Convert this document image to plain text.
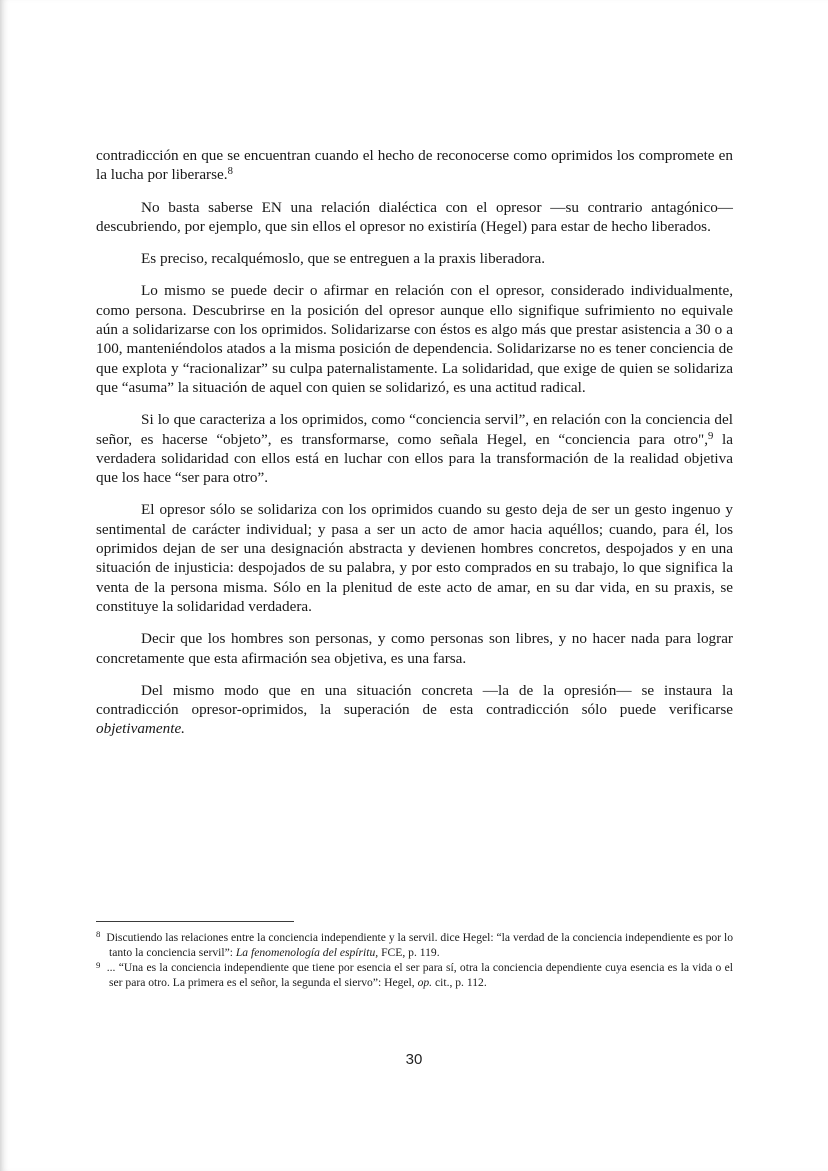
contradicción en que se encuentran cuando el hecho de reconocerse como oprimidos los compromete en la lucha por liberarse.$^8$

No basta saberse EN una relación dialéctica con el opresor —su contrario antagónico— descubriendo, por ejemplo, que sin ellos el opresor no existiría (Hegel) para estar de hecho liberados.

Es preciso, recalquémoslo, que se entreguen a la praxis liberadora.

Lo mismo se puede decir o afirmar en relación con el opresor, considerado individualmente, como persona. Descubrirse en la posición del opresor aunque ello signifique sufrimiento no equivale aún a solidarizarse con los oprimidos. Solidarizarse con éstos es algo más que prestar asistencia a 30 o a 100, manteniéndolos atados a la misma posición de dependencia. Solidarizarse no es tener conciencia de que explota y “racionalizar” su culpa paternalistamente. La solidaridad, que exige de quien se solidariza que “asuma” la situación de aquel con quien se solidarizó, es una actitud radical.

Si lo que caracteriza a los oprimidos, como “conciencia servil”, en relación con la conciencia del señor, es hacerse “objeto”, es transformarse, como señala Hegel, en “conciencia para otro",$^9$ la verdadera solidaridad con ellos está en luchar con ellos para la transformación de la realidad objetiva que los hace “ser para otro”.

El opresor sólo se solidariza con los oprimidos cuando su gesto deja de ser un gesto ingenuo y sentimental de carácter individual; y pasa a ser un acto de amor hacia aquéllos; cuando, para él, los oprimidos dejan de ser una designación abstracta y devienen hombres concretos, despojados y en una situación de injusticia: despojados de su palabra, y por esto comprados en su trabajo, lo que significa la venta de la persona misma. Sólo en la plenitud de este acto de amar, en su dar vida, en su praxis, se constituye la solidaridad verdadera.

Decir que los hombres son personas, y como personas son libres, y no hacer nada para lograr concretamente que esta afirmación sea objetiva, es una farsa.

Del mismo modo que en una situación concreta —la de la opresión— se instaura la contradicción opresor-oprimidos, la superación de esta contradicción sólo puede verificarse objetivamente.

$^8$ Discutiendo las relaciones entre la conciencia independiente y la servil. dice Hegel: “la verdad de la conciencia independiente es por lo tanto la conciencia servil”: La fenomenología del espíritu, FCE, p. 119.
$^9$ ... “Una es la conciencia independiente que tiene por esencia el ser para sí, otra la conciencia dependiente cuya esencia es la vida o el ser para otro. La primera es el señor, la segunda el siervo”: Hegel, op. cit., p. 112.
30
